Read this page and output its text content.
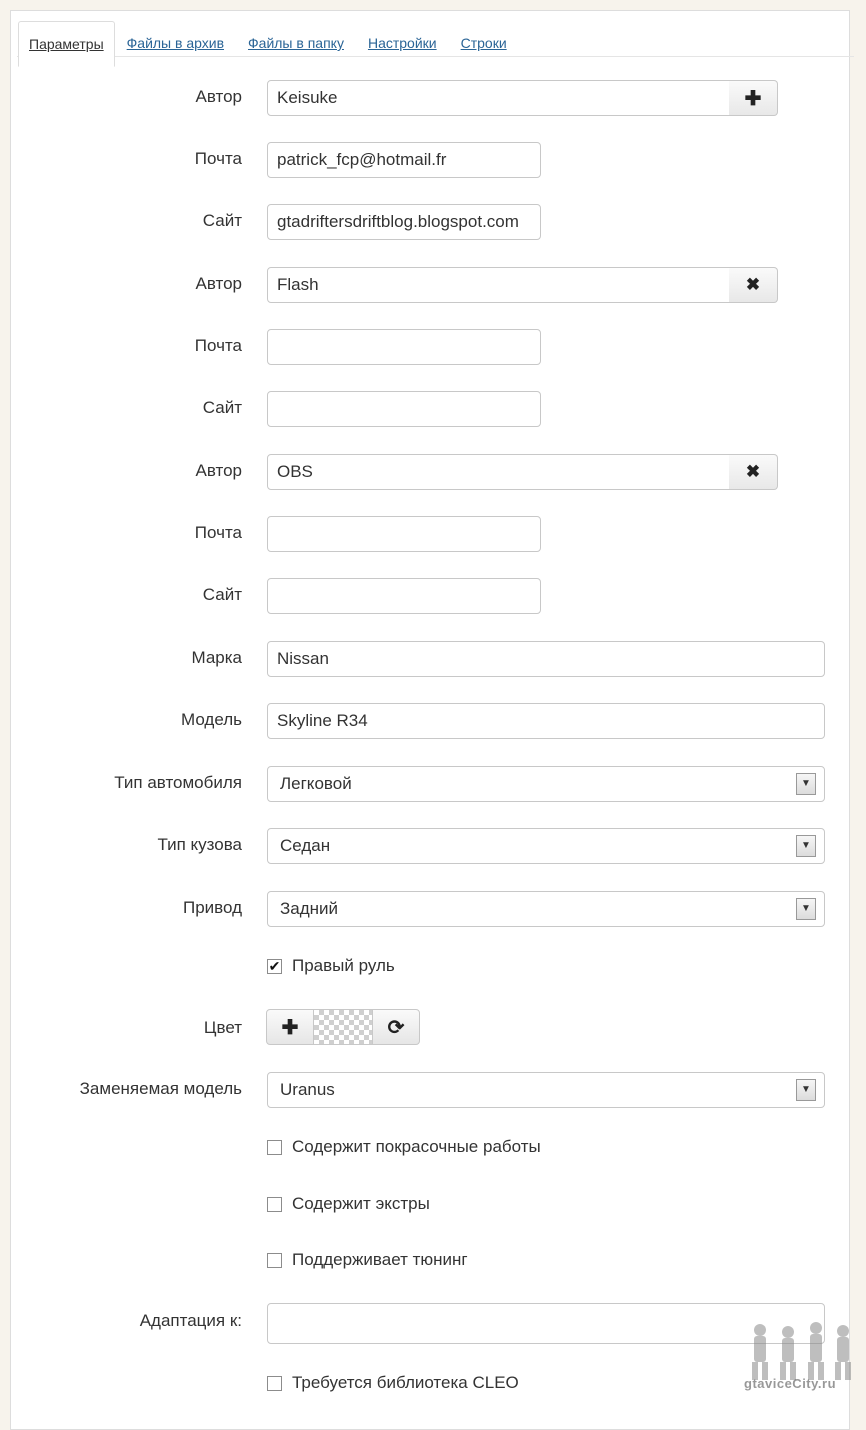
Параметры	Файлы в архив	Файлы в папку	Настройки	Строки
Автор	Keisuke	✚
Почта	patrick_fcp@hotmail.fr
Сайт	gtadriftersdriftblog.blogspot.com
Автор	Flash	✖
Почта
Сайт
Автор	OBS	✖
Почта
Сайт
Марка	Nissan
Модель	Skyline R34
Тип автомобиля	Легковой	▼
Тип кузова	Седан	▼
Привод	Задний	▼
✔ Правый руль
Цвет ✚	⟳
Заменяемая модель	Uranus	▼
Содержит покрасочные работы
Содержит экстры
Поддерживает тюнинг
Адаптация к:
Требуется библиотека CLEO	gtaviceCity.ru
